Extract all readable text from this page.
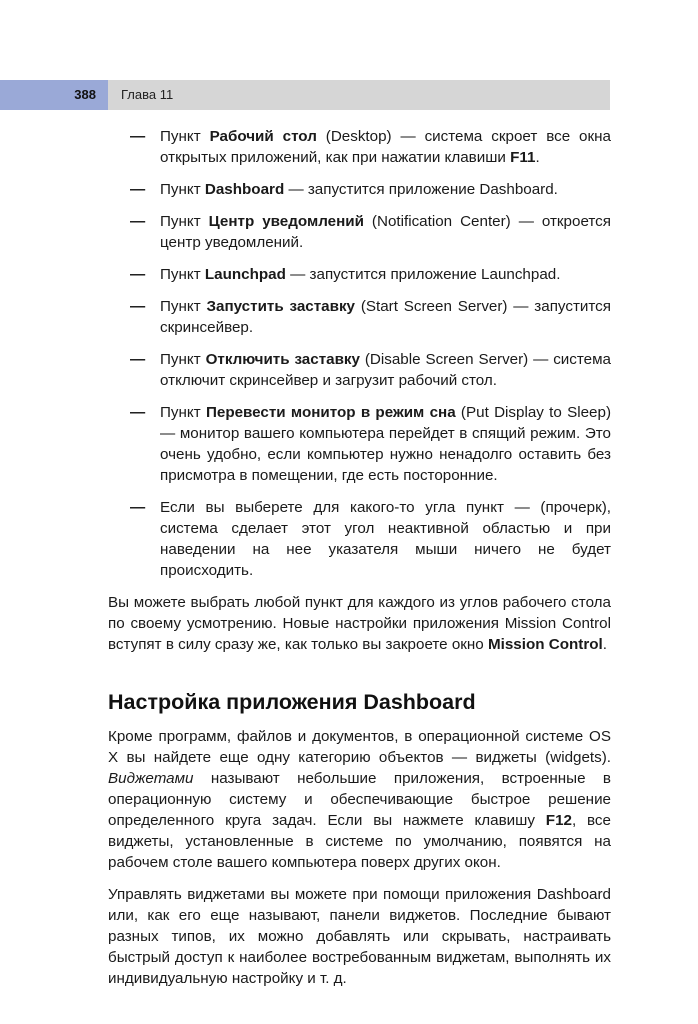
388 Глава 11
— Пункт Рабочий стол (Desktop) — система скроет все окна открытых приложений, как при нажатии клавиши F11.
— Пункт Dashboard — запустится приложение Dashboard.
— Пункт Центр уведомлений (Notification Center) — откроется центр уведомлений.
— Пункт Launchpad — запустится приложение Launchpad.
— Пункт Запустить заставку (Start Screen Server) — запустится скринсейвер.
— Пункт Отключить заставку (Disable Screen Server) — система отключит скринсейвер и загрузит рабочий стол.
— Пункт Перевести монитор в режим сна (Put Display to Sleep) — монитор вашего компьютера перейдет в спящий режим. Это очень удобно, если компьютер нужно ненадолго оставить без присмотра в помещении, где есть посторонние.
— Если вы выберете для какого-то угла пункт — (прочерк), система сделает этот угол неактивной областью и при наведении на нее указателя мыши ничего не будет происходить.

Вы можете выбрать любой пункт для каждого из углов рабочего стола по своему усмотрению. Новые настройки приложения Mission Control вступят в силу сразу же, как только вы закроете окно Mission Control.

Настройка приложения Dashboard

Кроме программ, файлов и документов, в операционной системе OS X вы найдете еще одну категорию объектов — виджеты (widgets). Виджетами называют небольшие приложения, встроенные в операционную систему и обеспечивающие быстрое решение определенного круга задач. Если вы нажмете клавишу F12, все виджеты, установленные в системе по умолчанию, появятся на рабочем столе вашего компьютера поверх других окон.

Управлять виджетами вы можете при помощи приложения Dashboard или, как его еще называют, панели виджетов. Последние бывают разных типов, их можно добавлять или скрывать, настраивать быстрый доступ к наиболее востребованным виджетам, выполнять их индивидуальную настройку и т. д.
